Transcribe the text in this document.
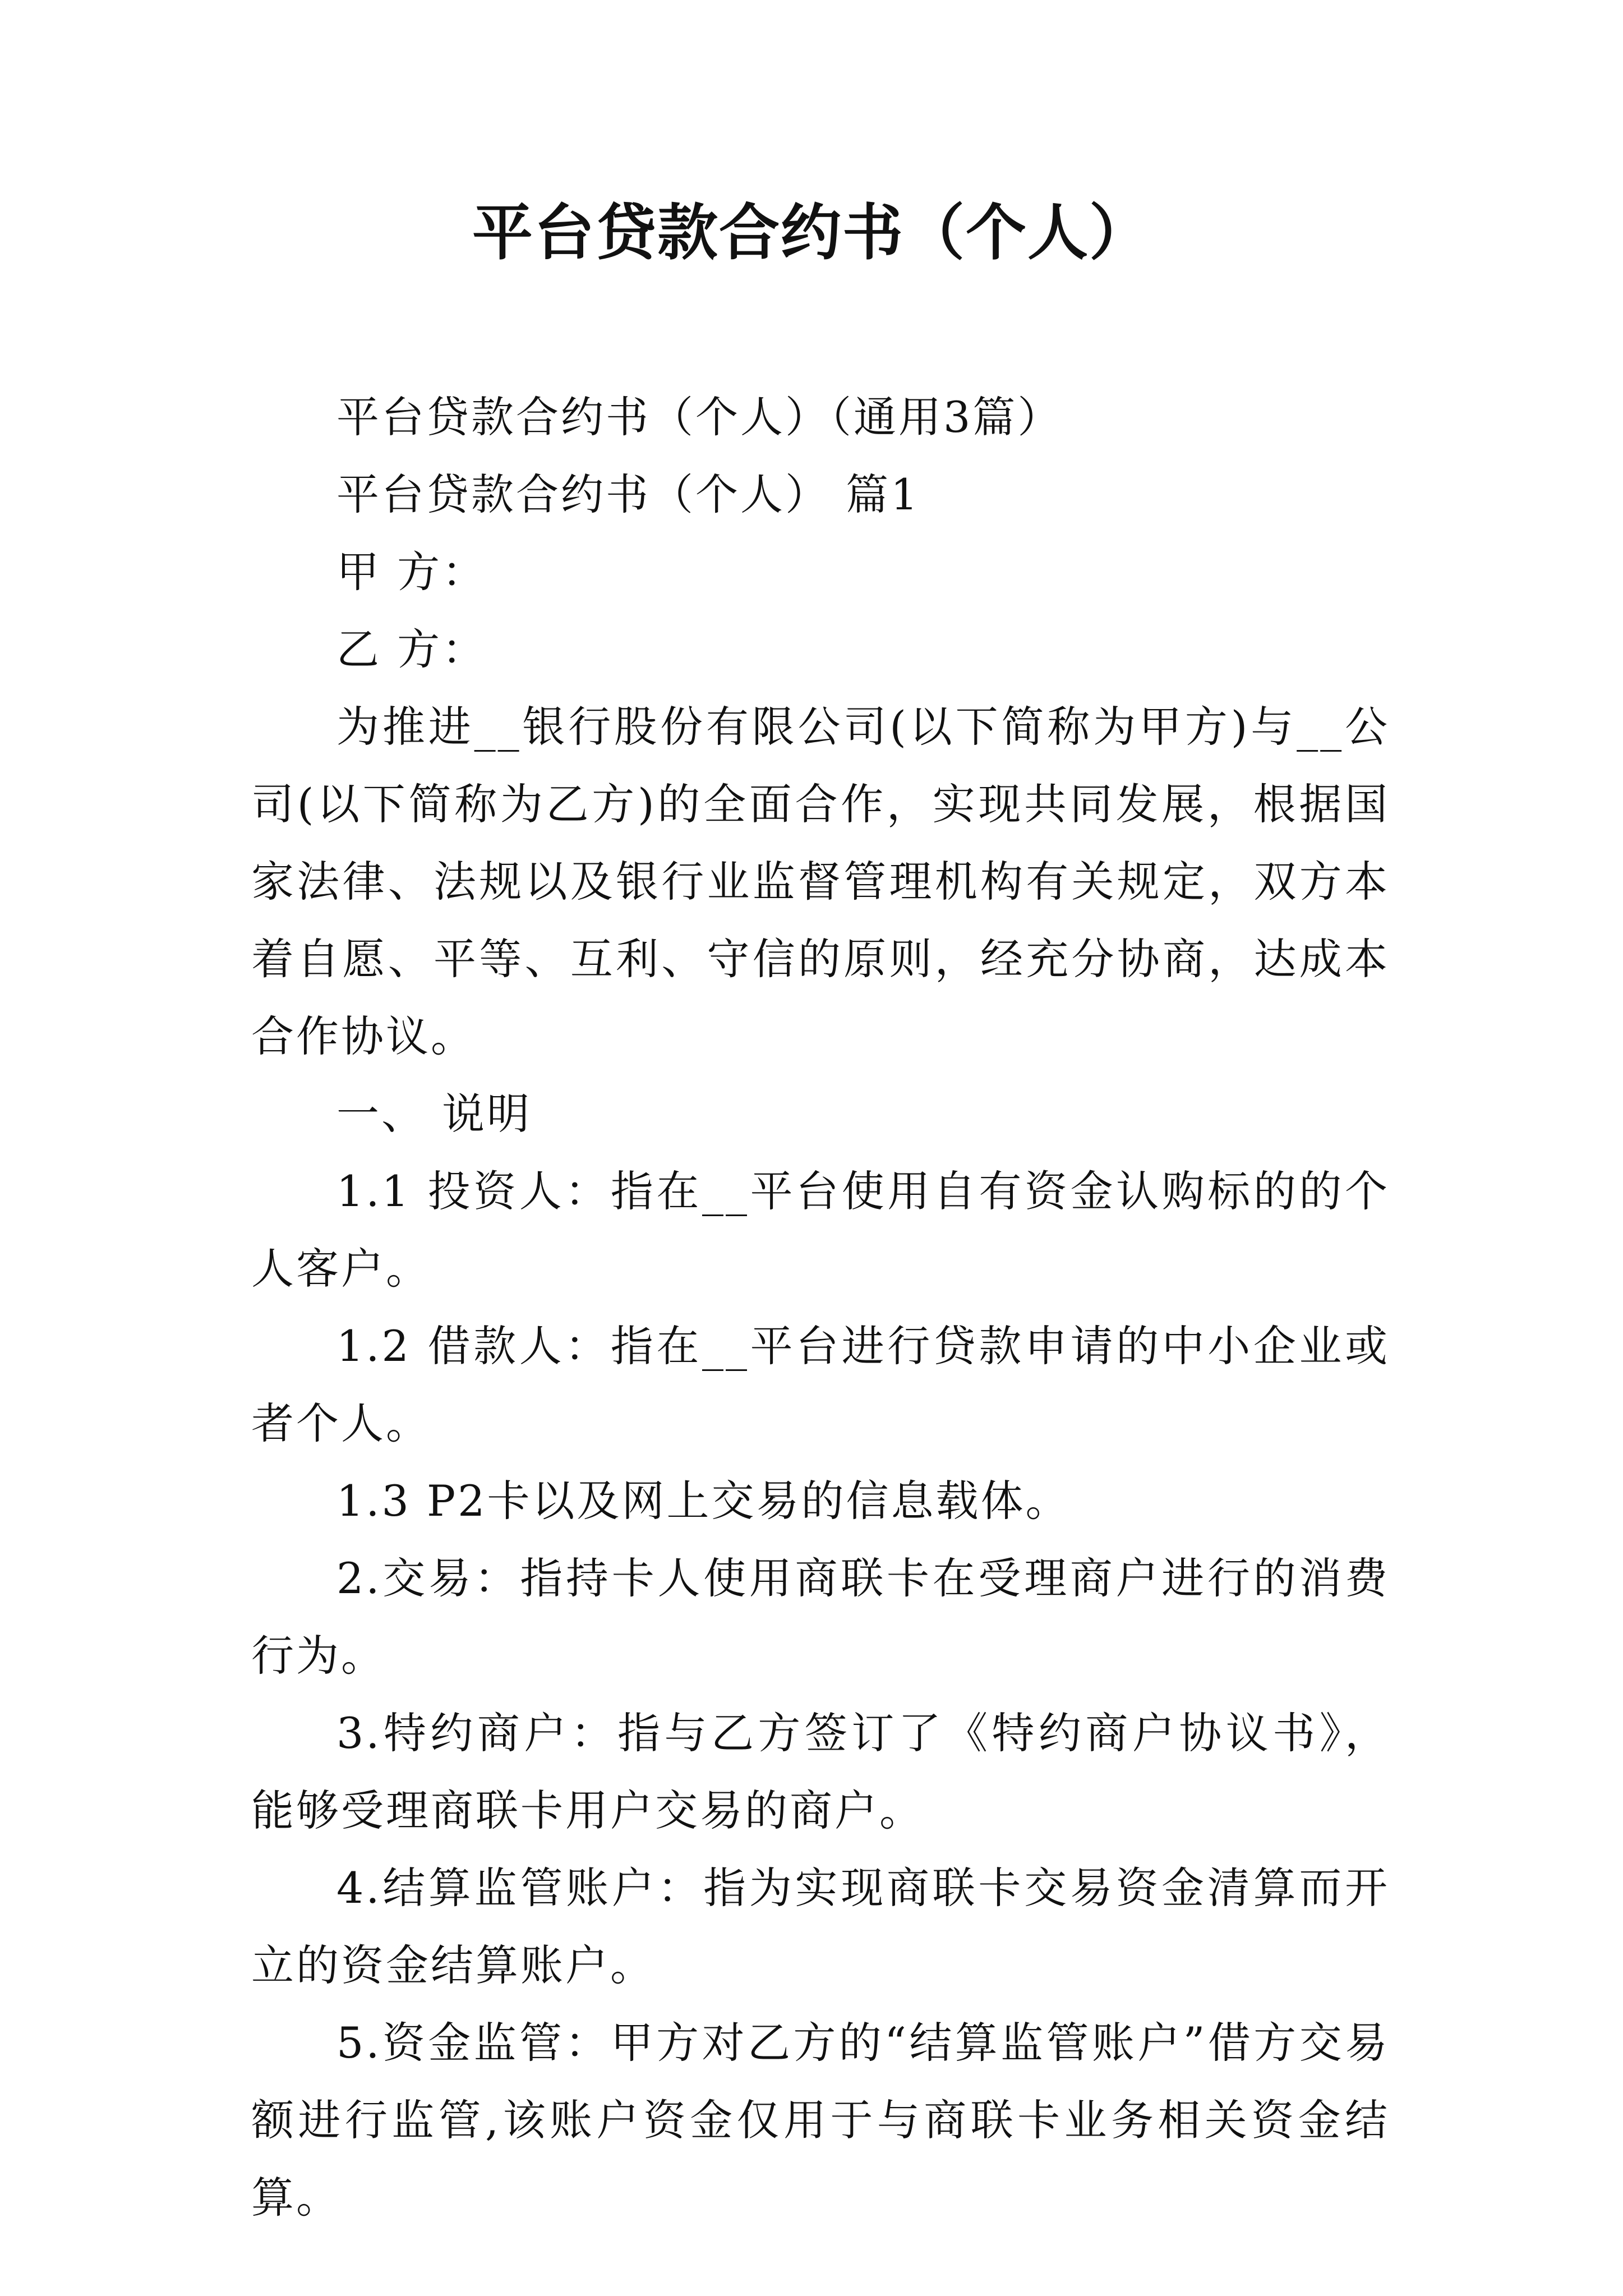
平台贷款合约书（个人）

平台贷款合约书（个人）（通用3篇）

平台贷款合约书（个人） 篇1

甲 方：

乙 方：

为推进__银行股份有限公司(以下简称为甲方)与__公司(以下简称为乙方)的全面合作，实现共同发展，根据国家法律、法规以及银行业监督管理机构有关规定，双方本着自愿、平等、互利、守信的原则，经充分协商，达成本合作协议。

一、 说明

1.1 投资人：指在__平台使用自有资金认购标的的个人客户。

1.2 借款人：指在__平台进行贷款申请的中小企业或者个人。

1.3 P2卡以及网上交易的信息载体。

2.交易：指持卡人使用商联卡在受理商户进行的消费行为。

3.特约商户：指与乙方签订了《特约商户协议书》，能够受理商联卡用户交易的商户。

4.结算监管账户：指为实现商联卡交易资金清算而开立的资金结算账户。

5.资金监管：甲方对乙方的“结算监管账户”借方交易额进行监管,该账户资金仅用于与商联卡业务相关资金结算。
